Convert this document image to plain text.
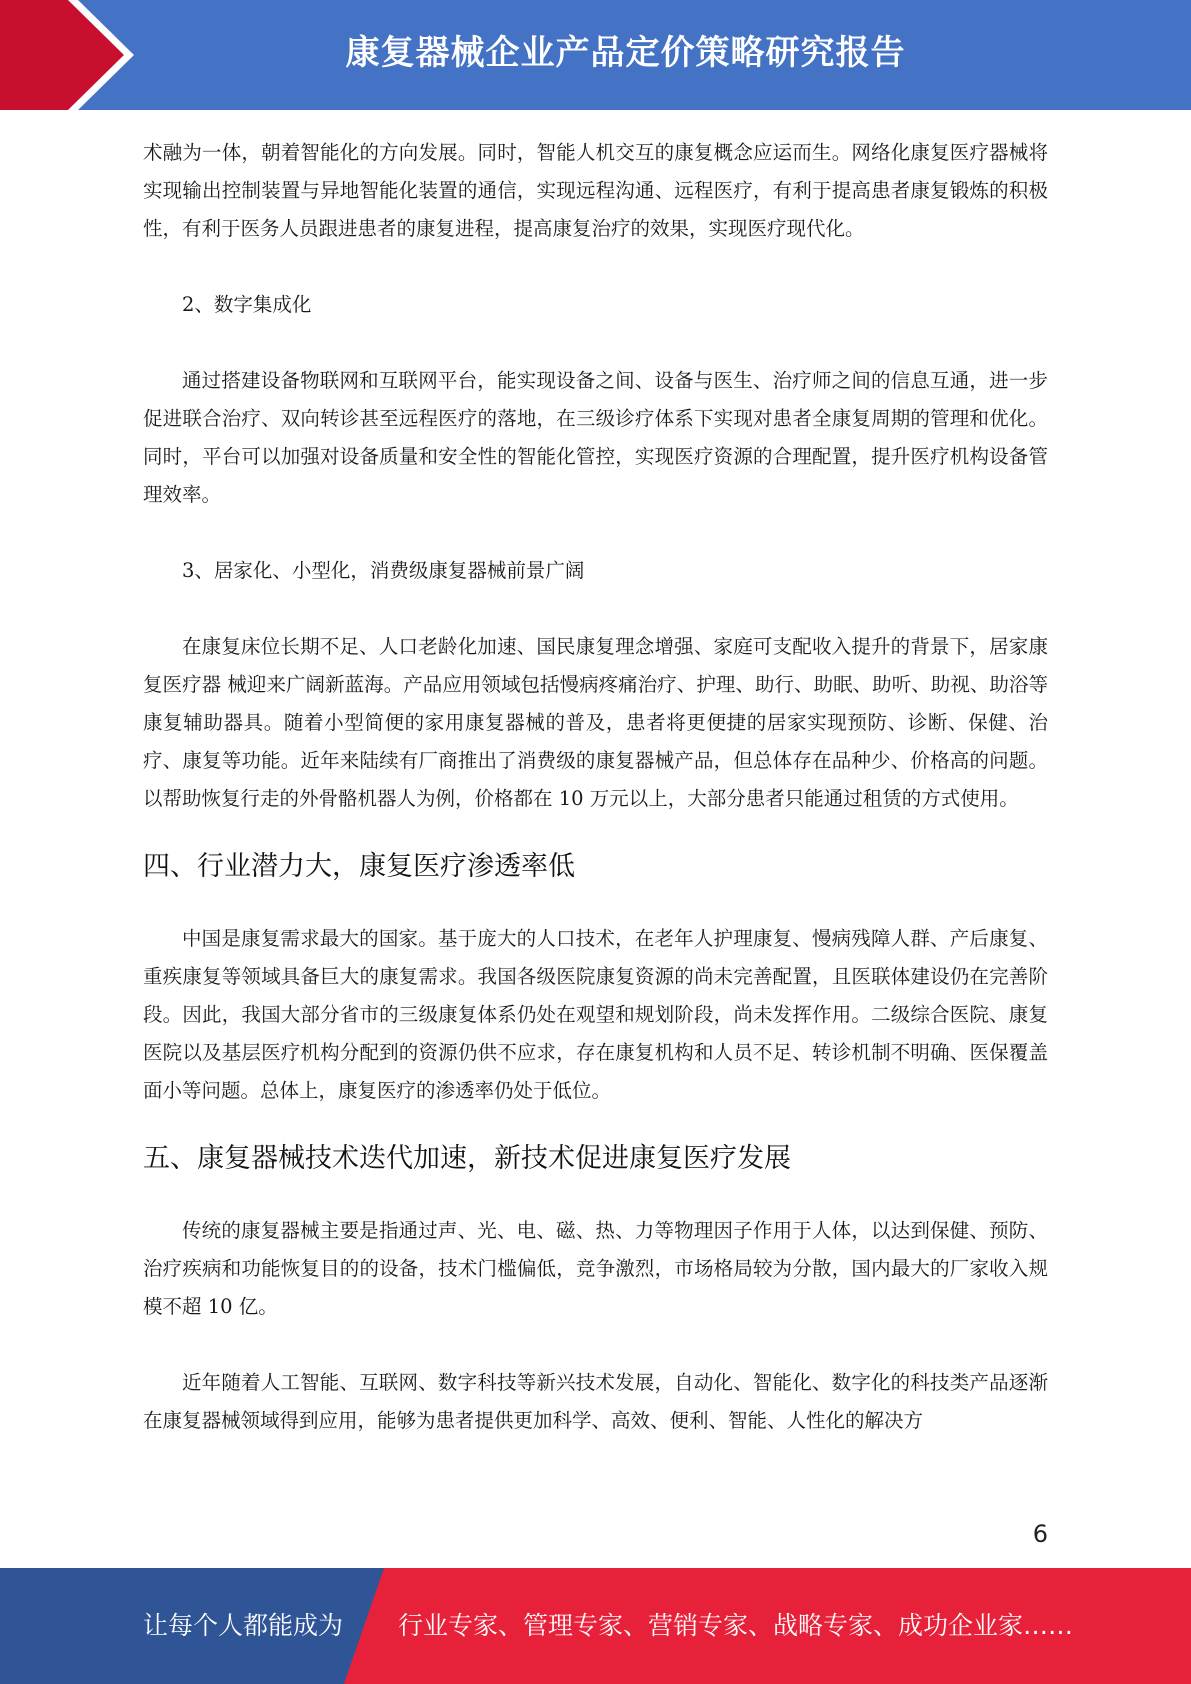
康复器械企业产品定价策略研究报告

术融为一体，朝着智能化的方向发展。同时，智能人机交互的康复概念应运而生。网络化康复医疗器械将实现输出控制装置与异地智能化装置的通信，实现远程沟通、远程医疗，有利于提高患者康复锻炼的积极性，有利于医务人员跟进患者的康复进程，提高康复治疗的效果，实现医疗现代化。

2、数字集成化

通过搭建设备物联网和互联网平台，能实现设备之间、设备与医生、治疗师之间的信息互通，进一步促进联合治疗、双向转诊甚至远程医疗的落地，在三级诊疗体系下实现对患者全康复周期的管理和优化。同时，平台可以加强对设备质量和安全性的智能化管控，实现医疗资源的合理配置，提升医疗机构设备管理效率。

3、居家化、小型化，消费级康复器械前景广阔

在康复床位长期不足、人口老龄化加速、国民康复理念增强、家庭可支配收入提升的背景下，居家康复医疗器 械迎来广阔新蓝海。产品应用领域包括慢病疼痛治疗、护理、助行、助眠、助听、助视、助浴等康复辅助器具。随着小型简便的家用康复器械的普及，患者将更便捷的居家实现预防、诊断、保健、治疗、康复等功能。近年来陆续有厂商推出了消费级的康复器械产品，但总体存在品种少、价格高的问题。以帮助恢复行走的外骨骼机器人为例，价格都在 10 万元以上，大部分患者只能通过租赁的方式使用。

四、行业潜力大，康复医疗渗透率低

中国是康复需求最大的国家。基于庞大的人口技术，在老年人护理康复、慢病残障人群、产后康复、重疾康复等领域具备巨大的康复需求。我国各级医院康复资源的尚未完善配置，且医联体建设仍在完善阶段。因此，我国大部分省市的三级康复体系仍处在观望和规划阶段，尚未发挥作用。二级综合医院、康复医院以及基层医疗机构分配到的资源仍供不应求，存在康复机构和人员不足、转诊机制不明确、医保覆盖面小等问题。总体上，康复医疗的渗透率仍处于低位。

五、康复器械技术迭代加速，新技术促进康复医疗发展

传统的康复器械主要是指通过声、光、电、磁、热、力等物理因子作用于人体，以达到保健、预防、治疗疾病和功能恢复目的的设备，技术门槛偏低，竞争激烈，市场格局较为分散，国内最大的厂家收入规模不超 10 亿。

近年随着人工智能、互联网、数字科技等新兴技术发展，自动化、智能化、数字化的科技类产品逐渐在康复器械领域得到应用，能够为患者提供更加科学、高效、便利、智能、人性化的解决方

6
让每个人都能成为 行业专家、管理专家、营销专家、战略专家、成功企业家……
